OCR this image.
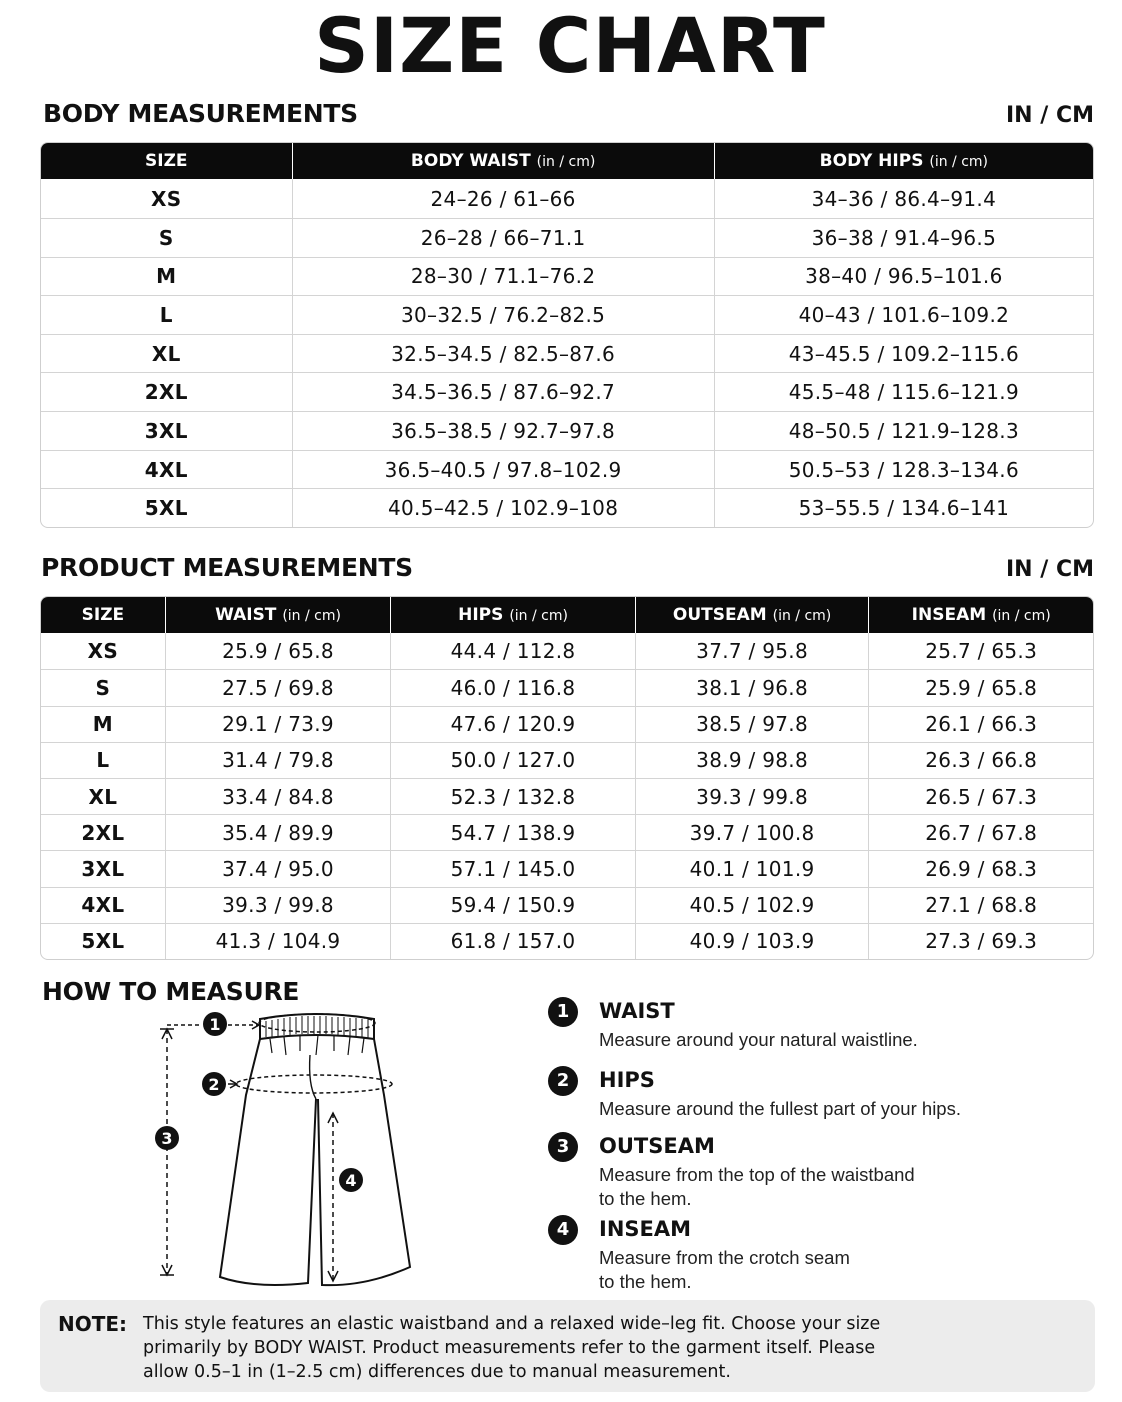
SIZE CHART
BODY MEASUREMENTS	IN / CM
SIZE	BODY WAIST (in / cm)	BODY HIPS (in / cm)
XS	24–26 / 61–66	34–36 / 86.4–91.4
S	26–28 / 66–71.1	36–38 / 91.4–96.5
M	28–30 / 71.1–76.2	38–40 / 96.5–101.6
L	30–32.5 / 76.2–82.5	40–43 / 101.6–109.2
XL	32.5–34.5 / 82.5–87.6	43–45.5 / 109.2–115.6
2XL	34.5–36.5 / 87.6–92.7	45.5–48 / 115.6–121.9
3XL	36.5–38.5 / 92.7–97.8	48–50.5 / 121.9–128.3
4XL	36.5–40.5 / 97.8–102.9	50.5–53 / 128.3–134.6
5XL	40.5–42.5 / 102.9–108	53–55.5 / 134.6–141
PRODUCT MEASUREMENTS	IN / CM
SIZE	WAIST (in / cm)	HIPS (in / cm)	OUTSEAM (in / cm)	INSEAM (in / cm)
XS	25.9 / 65.8	44.4 / 112.8	37.7 / 95.8	25.7 / 65.3
S	27.5 / 69.8	46.0 / 116.8	38.1 / 96.8	25.9 / 65.8
M	29.1 / 73.9	47.6 / 120.9	38.5 / 97.8	26.1 / 66.3
L	31.4 / 79.8	50.0 / 127.0	38.9 / 98.8	26.3 / 66.8
XL	33.4 / 84.8	52.3 / 132.8	39.3 / 99.8	26.5 / 67.3
2XL	35.4 / 89.9	54.7 / 138.9	39.7 / 100.8	26.7 / 67.8
3XL	37.4 / 95.0	57.1 / 145.0	40.1 / 101.9	26.9 / 68.3
4XL	39.3 / 99.8	59.4 / 150.9	40.5 / 102.9	27.1 / 68.8
5XL	41.3 / 104.9	61.8 / 157.0	40.9 / 103.9	27.3 / 69.3
HOW TO MEASURE
1
2
3
4
1	WAIST
Measure around your natural waistline.
2	HIPS
Measure around the fullest part of your hips.
3	OUTSEAM
Measure from the top of the waistband
to the hem.
4	INSEAM
Measure from the crotch seam
to the hem.
NOTE: This style features an elastic waistband and a relaxed wide–leg fit. Choose your size
primarily by BODY WAIST. Product measurements refer to the garment itself. Please
allow 0.5–1 in (1–2.5 cm) differences due to manual measurement.
